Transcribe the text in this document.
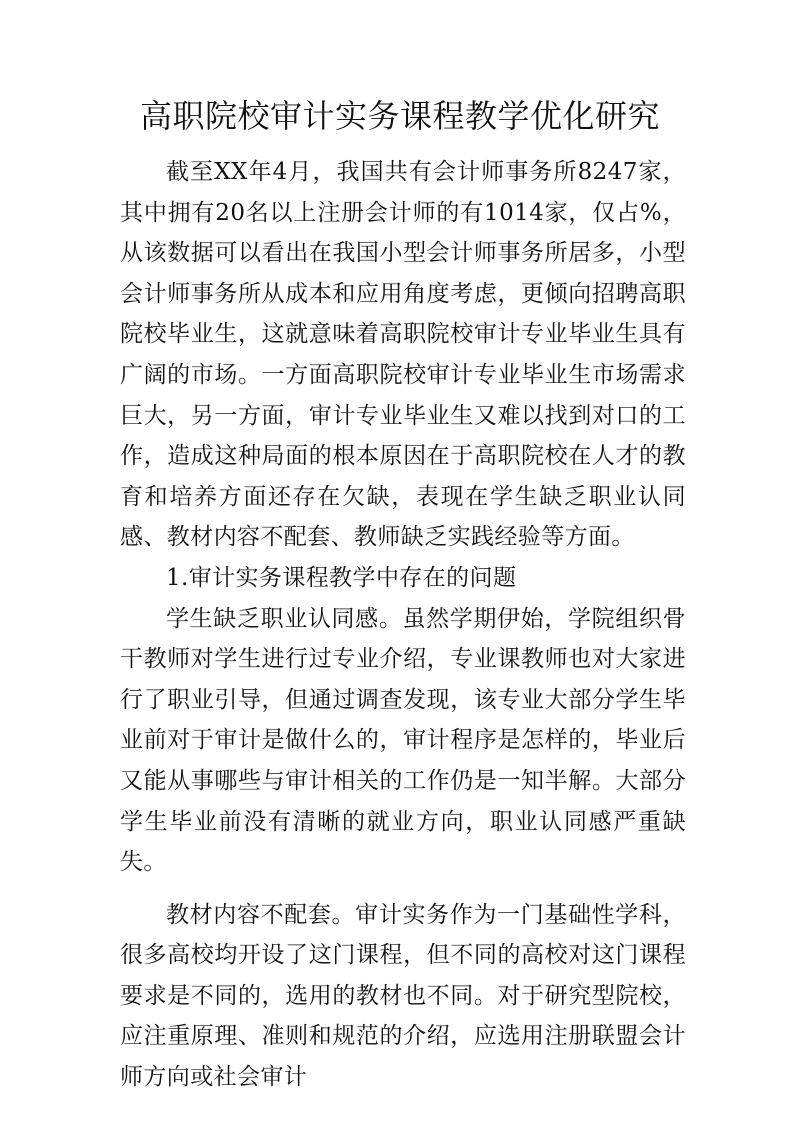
高职院校审计实务课程教学优化研究

截至XX年4月，我国共有会计师事务所8247家，其中拥有20名以上注册会计师的有1014家，仅占%，从该数据可以看出在我国小型会计师事务所居多，小型会计师事务所从成本和应用角度考虑，更倾向招聘高职院校毕业生，这就意味着高职院校审计专业毕业生具有广阔的市场。一方面高职院校审计专业毕业生市场需求巨大，另一方面，审计专业毕业生又难以找到对口的工作，造成这种局面的根本原因在于高职院校在人才的教育和培养方面还存在欠缺，表现在学生缺乏职业认同感、教材内容不配套、教师缺乏实践经验等方面。

1.审计实务课程教学中存在的问题

学生缺乏职业认同感。虽然学期伊始，学院组织骨干教师对学生进行过专业介绍，专业课教师也对大家进行了职业引导，但通过调查发现，该专业大部分学生毕业前对于审计是做什么的，审计程序是怎样的，毕业后又能从事哪些与审计相关的工作仍是一知半解。大部分学生毕业前没有清晰的就业方向，职业认同感严重缺失。

教材内容不配套。审计实务作为一门基础性学科，很多高校均开设了这门课程，但不同的高校对这门课程要求是不同的，选用的教材也不同。对于研究型院校，应注重原理、准则和规范的介绍，应选用注册联盟会计师方向或社会审计
